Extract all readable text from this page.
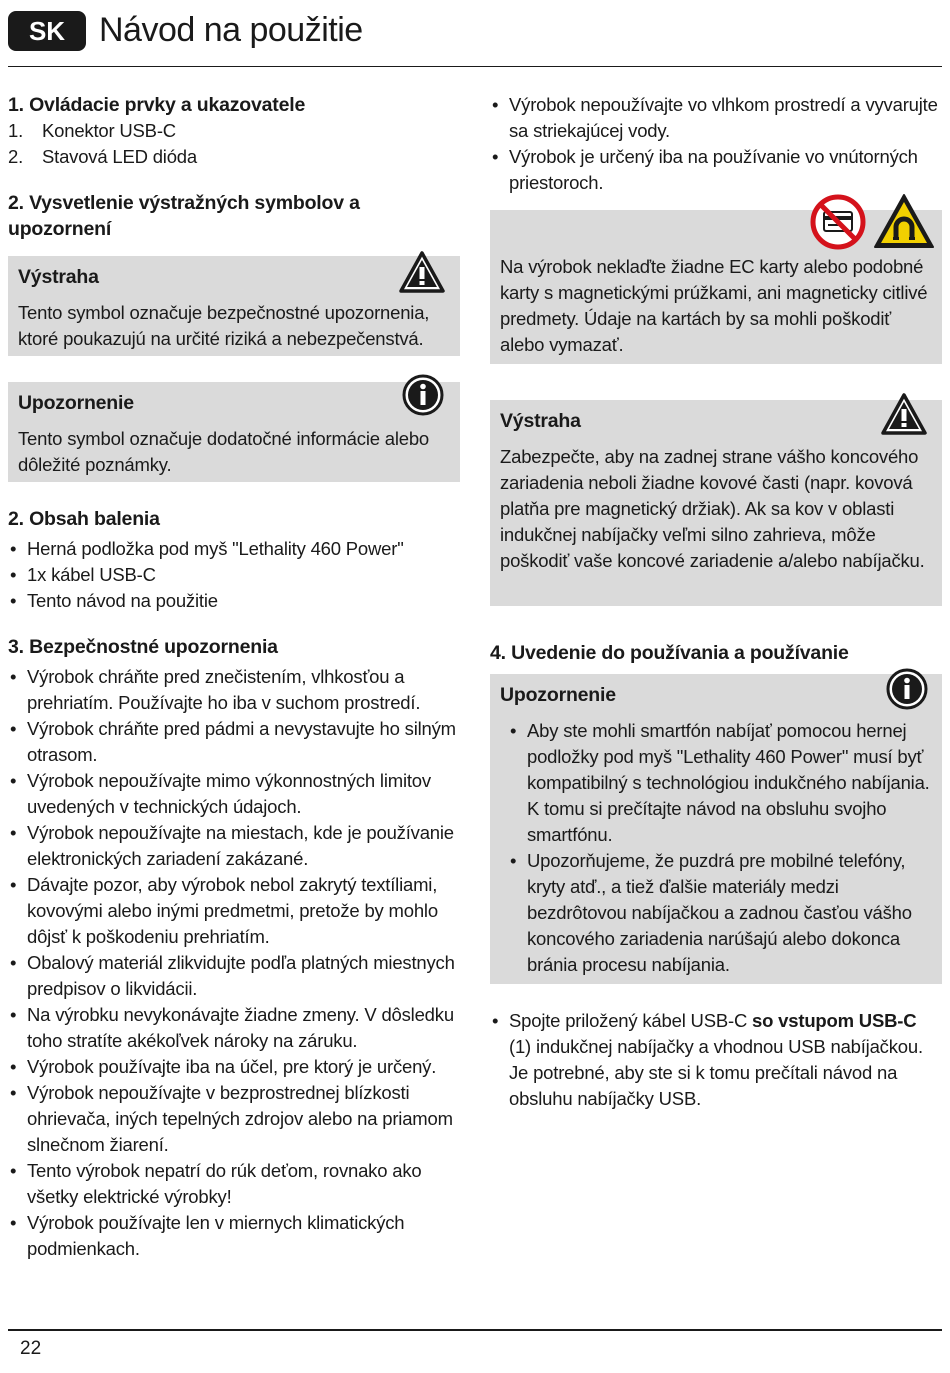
SK Návod na použitie
1. Ovládacie prvky a ukazovatele
1. Konektor USB-C
2. Stavová LED dióda
2. Vysvetlenie výstražných symbolov a upozornení
Výstraha

Tento symbol označuje bezpečnostné upozornenia, ktoré poukazujú na určité riziká a nebezpečenstvá.

Upozornenie

Tento symbol označuje dodatočné informácie alebo dôležité poznámky.

2. Obsah balenia
• Herná podložka pod myš "Lethality 460 Power"
• 1x kábel USB-C
• Tento návod na použitie
3. Bezpečnostné upozornenia
• Výrobok chráňte pred znečistením, vlhkosťou a prehriatím. Používajte ho iba v suchom prostredí.
• Výrobok chráňte pred pádmi a nevystavujte ho silným otrasom.
• Výrobok nepoužívajte mimo výkonnostných limitov uvedených v technických údajoch.
• Výrobok nepoužívajte na miestach, kde je používanie elektronických zariadení zakázané.
• Dávajte pozor, aby výrobok nebol zakrytý textíliami, kovovými alebo inými predmetmi, pretože by mohlo dôjsť k poškodeniu prehriatím.
• Obalový materiál zlikvidujte podľa platných miestnych predpisov o likvidácii.
• Na výrobku nevykonávajte žiadne zmeny. V dôsledku toho stratíte akékoľvek nároky na záruku.
• Výrobok používajte iba na účel, pre ktorý je určený.
• Výrobok nepoužívajte v bezprostrednej blízkosti ohrievača, iných tepelných zdrojov alebo na priamom slnečnom žiarení.
• Tento výrobok nepatrí do rúk deťom, rovnako ako všetky elektrické výrobky!
• Výrobok používajte len v miernych klimatických podmienkach.
• Výrobok nepoužívajte vo vlhkom prostredí a vyvarujte sa striekajúcej vody.
• Výrobok je určený iba na používanie vo vnútorných priestoroch.

Na výrobok neklaďte žiadne EC karty alebo podobné karty s magnetickými prúžkami, ani magneticky citlivé predmety. Údaje na kartách by sa mohli poškodiť alebo vymazať.

Výstraha

Zabezpečte, aby na zadnej strane vášho koncového zariadenia neboli žiadne kovové časti (napr. kovová platňa pre magnetický držiak). Ak sa kov v oblasti indukčnej nabíjačky veľmi silno zahrieva, môže poškodiť vaše koncové zariadenie a/alebo nabíjačku.

4. Uvedenie do používania a používanie
Upozornenie
• Aby ste mohli smartfón nabíjať pomocou hernej podložky pod myš "Lethality 460 Power" musí byť kompatibilný s technológiou indukčného nabíjania. K tomu si prečítajte návod na obsluhu svojho smartfónu.
• Upozorňujeme, že puzdrá pre mobilné telefóny, kryty atď., a tiež ďalšie materiály medzi bezdrôtovou nabíjačkou a zadnou časťou vášho koncového zariadenia narúšajú alebo dokonca bránia procesu nabíjania.
• Spojte priložený kábel USB-C so vstupom USB-C (1) indukčnej nabíjačky a vhodnou USB nabíjačkou. Je potrebné, aby ste si k tomu prečítali návod na obsluhu nabíjačky USB.
22
